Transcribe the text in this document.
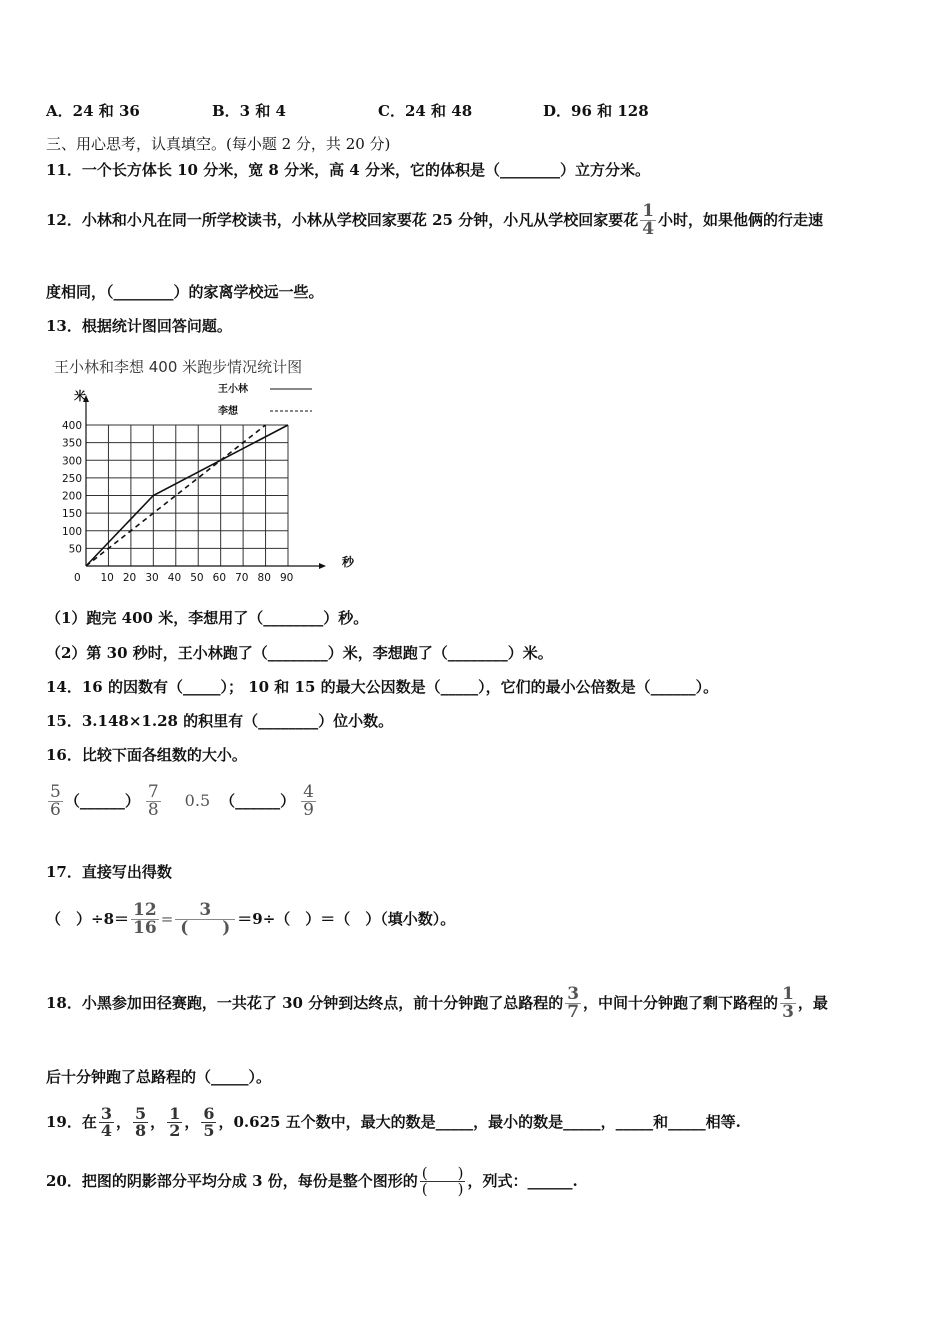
A．24 和 36	B．3 和 4	C．24 和 48	D．96 和 128
三、用心思考，认真填空。(每小题 2 分，共 20 分)
11．一个长方体长 10 分米，宽 8 分米，高 4 分米，它的体积是（________）立方分米。
12．小林和小凡在同一所学校读书，小林从学校回家要花 25 分钟，小凡从学校回家要花 $\frac{1}{4}$ 小时，如果他俩的行走速
度相同，（________）的家离学校远一些。
13．根据统计图回答问题。
王小林和李想 400 米跑步情况统计图
0 10 20 30 40 50 60 70 80 90
50
100
150
200
250
300
350
400
米
秒
王小林
李想
（1）跑完 400 米，李想用了（________）秒。
（2）第 30 秒时，王小林跑了（________）米，李想跑了（________）米。
14．16 的因数有（_____）； 10 和 15 的最大公因数是（_____），它们的最小公倍数是（______）。
15．3.148×1.28 的积里有（________）位小数。
16．比较下面各组数的大小。
$\frac{5}{6}$ （______） $\frac{7}{8} 0.5$ （______） $\frac{4}{9}$
17．直接写出得数
（　）$\div 8= \frac{12}{16} = \frac{3}{( )} =9\div$（　）＝（　）（填小数）。
18．小黑参加田径赛跑，一共花了 30 分钟到达终点，前十分钟跑了总路程的 $\frac{3}{7}$ ，中间十分钟跑了剩下路程的 $\frac{1}{3}$ ，最
后十分钟跑了总路程的（_____）。
19．在 $\frac{3}{4}$ ， $\frac{5}{8}$ ， $\frac{1}{2}$ ， $\frac{6}{5}$ ，0.625 五个数中，最大的数是_____，最小的数是_____，_____和_____相等.
20．把图的阴影部分平均分成 3 份，每份是整个图形的 $\frac{( )}{( )}$ ，列式：______.
